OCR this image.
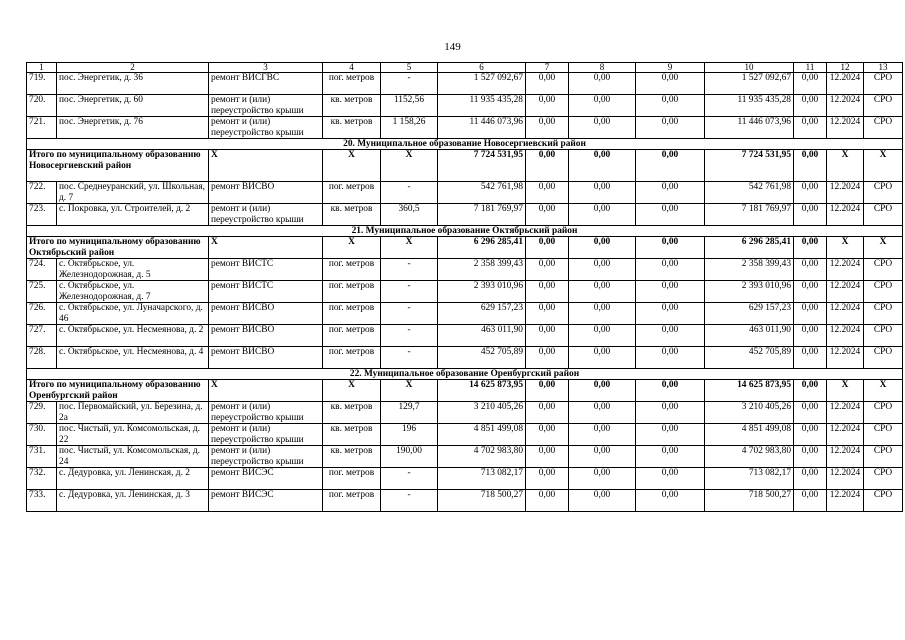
149
1	2	3	4	5	6	7	8	9	10	11	12	13
719.	пос. Энергетик, д. 36	ремонт ВИСГВС	пог. метров	-	1 527 092,67	0,00	0,00	0,00	1 527 092,67	0,00	12.2024	СРО
720.	пос. Энергетик, д. 60	ремонт и (или) переустройство крыши	кв. метров	1152,56	11 935 435,28	0,00	0,00	0,00	11 935 435,28	0,00	12.2024	СРО
721.	пос. Энергетик, д. 76	ремонт и (или) переустройство крыши	кв. метров	1 158,26	11 446 073,96	0,00	0,00	0,00	11 446 073,96	0,00	12.2024	СРО
20. Муниципальное образование Новосергиевский район												
Итого по муниципальному образованию Новосергиевский район		X	X	X	7 724 531,95	0,00	0,00	0,00	7 724 531,95	0,00	X	X
722.	пос. Среднеуранский, ул. Школьная, д. 7	ремонт ВИСВО	пог. метров	-	542 761,98	0,00	0,00	0,00	542 761,98	0,00	12.2024	СРО
723.	с. Покровка, ул. Строителей, д. 2	ремонт и (или) переустройство крыши	кв. метров	360,5	7 181 769,97	0,00	0,00	0,00	7 181 769,97	0,00	12.2024	СРО
21. Муниципальное образование Октябрьский район												
Итого по муниципальному образованию Октябрьский район		X	X	X	6 296 285,41	0,00	0,00	0,00	6 296 285,41	0,00	X	X
724.	с. Октябрьское, ул. Железнодорожная, д. 5	ремонт ВИСТС	пог. метров	-	2 358 399,43	0,00	0,00	0,00	2 358 399,43	0,00	12.2024	СРО
725.	с. Октябрьское, ул. Железнодорожная, д. 7	ремонт ВИСТС	пог. метров	-	2 393 010,96	0,00	0,00	0,00	2 393 010,96	0,00	12.2024	СРО
726.	с. Октябрьское, ул. Луначарского, д. 46	ремонт ВИСВО	пог. метров	-	629 157,23	0,00	0,00	0,00	629 157,23	0,00	12.2024	СРО
727.	с. Октябрьское, ул. Несмеянова, д. 2	ремонт ВИСВО	пог. метров	-	463 011,90	0,00	0,00	0,00	463 011,90	0,00	12.2024	СРО
728.	с. Октябрьское, ул. Несмеянова, д. 4	ремонт ВИСВО	пог. метров	-	452 705,89	0,00	0,00	0,00	452 705,89	0,00	12.2024	СРО
22. Муниципальное образование Оренбургский район												
Итого по муниципальному образованию Оренбургский район		X	X	X	14 625 873,95	0,00	0,00	0,00	14 625 873,95	0,00	X	X
729.	пос. Первомайский, ул. Березина, д. 2а	ремонт и (или) переустройство крыши	кв. метров	129,7	3 210 405,26	0,00	0,00	0,00	3 210 405,26	0,00	12.2024	СРО
730.	пос. Чистый, ул. Комсомольская, д. 22	ремонт и (или) переустройство крыши	кв. метров	196	4 851 499,08	0,00	0,00	0,00	4 851 499,08	0,00	12.2024	СРО
731.	пос. Чистый, ул. Комсомольская, д. 24	ремонт и (или) переустройство крыши	кв. метров	190,00	4 702 983,80	0,00	0,00	0,00	4 702 983,80	0,00	12.2024	СРО
732.	с. Дедуровка, ул. Ленинская, д. 2	ремонт ВИСЭС	пог. метров	-	713 082,17	0,00	0,00	0,00	713 082,17	0,00	12.2024	СРО
733.	с. Дедуровка, ул. Ленинская, д. 3	ремонт ВИСЭС	пог. метров	-	718 500,27	0,00	0,00	0,00	718 500,27	0,00	12.2024	СРО
